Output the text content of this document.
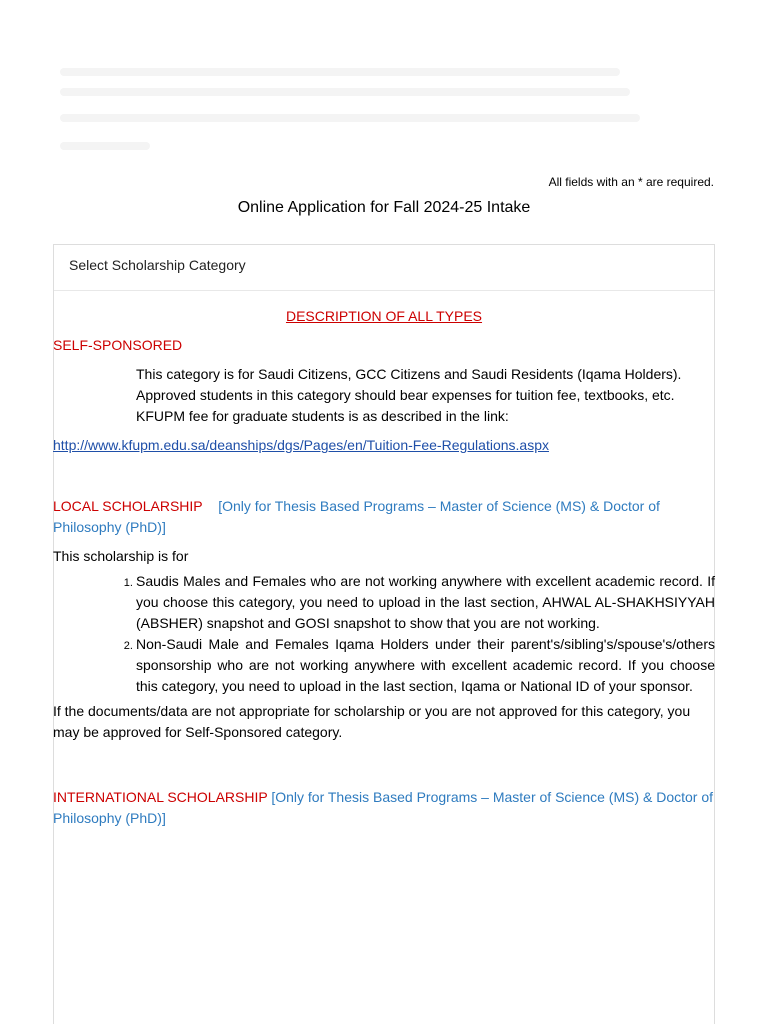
All fields with an * are required.
Online Application for Fall 2024-25 Intake
Select Scholarship Category

DESCRIPTION OF ALL TYPES

SELF-SPONSORED

This category is for Saudi Citizens, GCC Citizens and Saudi Residents (Iqama Holders).

Approved students in this category should bear expenses for tuition fee, textbooks, etc.

KFUPM fee for graduate students is as described in the link:

http://www.kfupm.edu.sa/deanships/dgs/Pages/en/Tuition-Fee-Regulations.aspx

LOCAL SCHOLARSHIP [Only for Thesis Based Programs – Master of Science (MS) & Doctor of Philosophy (PhD)]

This scholarship is for

1. Saudis Males and Females who are not working anywhere with excellent academic record. If you choose this category, you need to upload in the last section, AHWAL AL-SHAKHSIYYAH (ABSHER) snapshot and GOSI snapshot to show that you are not working.
2. Non-Saudi Male and Females Iqama Holders under their parent's/sibling's/spouse's/others sponsorship who are not working anywhere with excellent academic record. If you choose this category, you need to upload in the last section, Iqama or National ID of your sponsor.

If the documents/data are not appropriate for scholarship or you are not approved for this category, you may be approved for Self-Sponsored category.

INTERNATIONAL SCHOLARSHIP [Only for Thesis Based Programs – Master of Science (MS) & Doctor of Philosophy (PhD)]
